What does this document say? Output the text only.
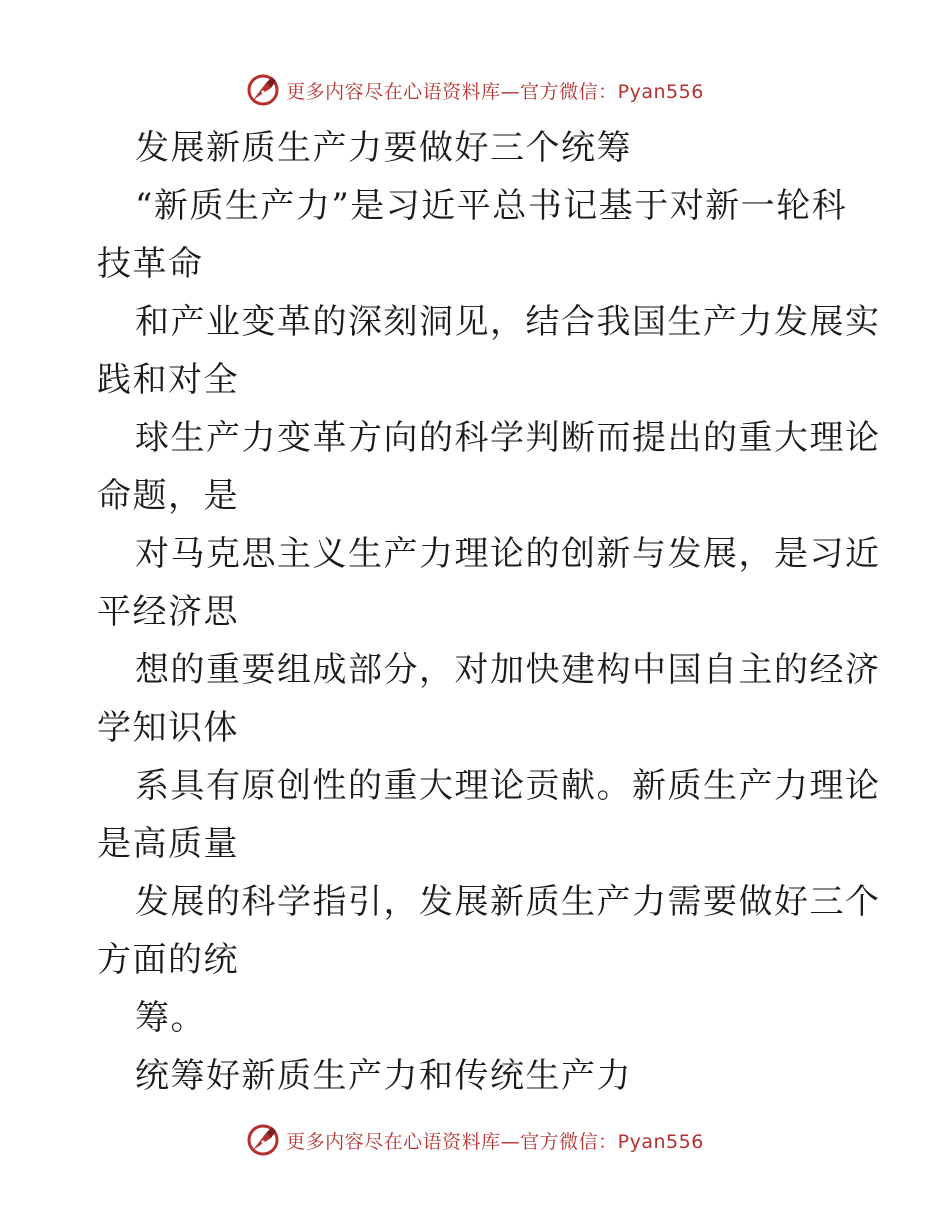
更多内容尽在心语资料库—官方微信：Pyan556
发展新质生产力要做好三个统筹
“新质生产力”是习近平总书记基于对新一轮科
技革命
和产业变革的深刻洞见，结合我国生产力发展实
践和对全
球生产力变革方向的科学判断而提出的重大理论
命题，是
对马克思主义生产力理论的创新与发展，是习近
平经济思
想的重要组成部分，对加快建构中国自主的经济
学知识体
系具有原创性的重大理论贡献。新质生产力理论
是高质量
发展的科学指引，发展新质生产力需要做好三个
方面的统
筹。
统筹好新质生产力和传统生产力
更多内容尽在心语资料库—官方微信：Pyan556
